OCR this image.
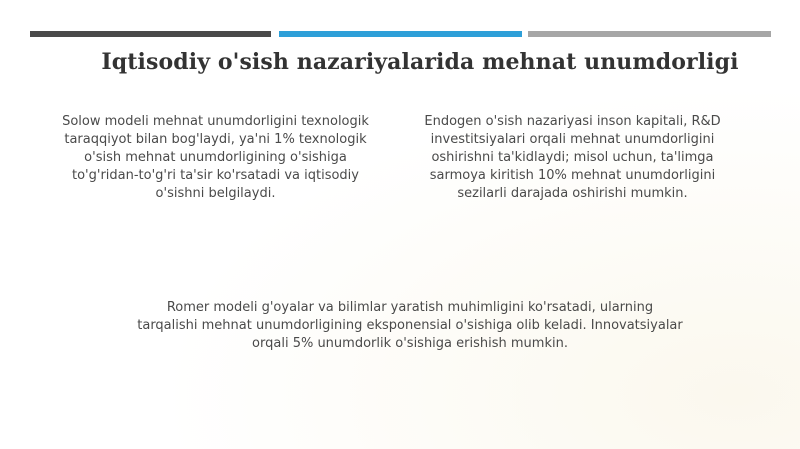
Iqtisodiy o'sish nazariyalarida mehnat unumdorligi
Solow modeli mehnat unumdorligini texnologik taraqqiyot bilan bog'laydi, ya'ni 1% texnologik o'sish mehnat unumdorligining o'sishiga to'g'ridan-to'g'ri ta'sir ko'rsatadi va iqtisodiy o'sishni belgilaydi.
Endogen o'sish nazariyasi inson kapitali, R&D investitsiyalari orqali mehnat unumdorligini oshirishni ta'kidlaydi; misol uchun, ta'limga sarmoya kiritish 10% mehnat unumdorligini sezilarli darajada oshirishi mumkin.
Romer modeli g'oyalar va bilimlar yaratish muhimligini ko'rsatadi, ularning tarqalishi mehnat unumdorligining eksponensial o'sishiga olib keladi. Innovatsiyalar orqali 5% unumdorlik o'sishiga erishish mumkin.
